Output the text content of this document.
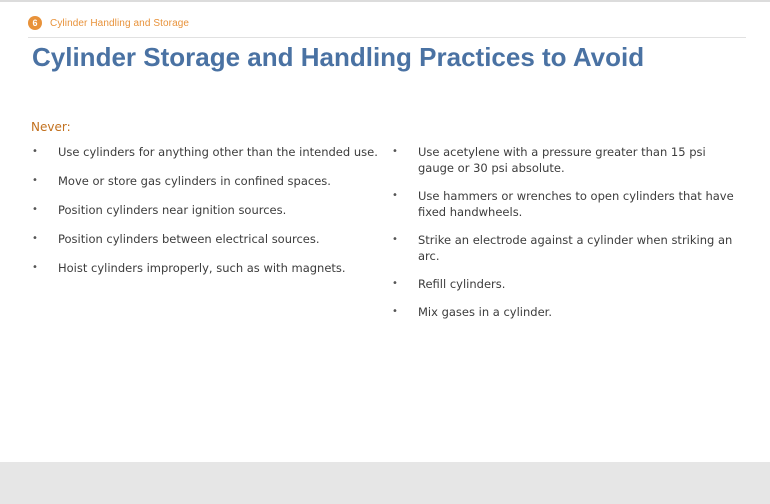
6	Cylinder Handling and Storage
Cylinder Storage and Handling Practices to Avoid
Never:
• Use cylinders for anything other than the intended use.
• Move or store gas cylinders in confined spaces.
• Position cylinders near ignition sources.
• Position cylinders between electrical sources.
• Hoist cylinders improperly, such as with magnets.
• Use acetylene with a pressure greater than 15 psi gauge or 30 psi absolute.
• Use hammers or wrenches to open cylinders that have fixed handwheels.
• Strike an electrode against a cylinder when striking an arc.
• Refill cylinders.
• Mix gases in a cylinder.
